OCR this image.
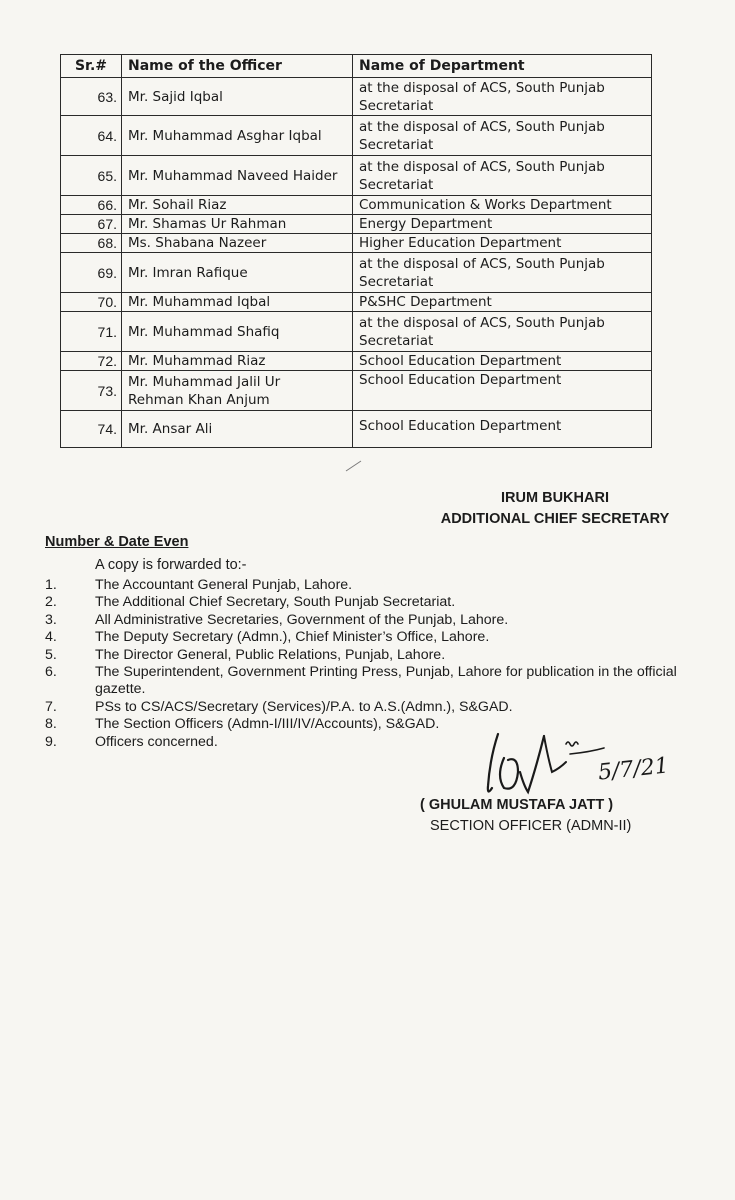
Sr.#	Name of the Officer	Name of Department
63.	Mr. Sajid Iqbal	at the disposal of ACS, South Punjab
Secretariat

64.	Mr. Muhammad Asghar Iqbal	at the disposal of ACS, South Punjab
Secretariat

65.	Mr. Muhammad Naveed Haider	at the disposal of ACS, South Punjab
Secretariat

66.	Mr. Sohail Riaz	Communication & Works Department
67.	Mr. Shamas Ur Rahman	Energy Department
68.	Ms. Shabana Nazeer	Higher Education Department
69.	Mr. Imran Rafique	at the disposal of ACS, South Punjab
Secretariat

70.	Mr. Muhammad Iqbal	P&SHC Department
71.	Mr. Muhammad Shafiq	at the disposal of ACS, South Punjab
Secretariat

72.	Mr. Muhammad Riaz	School Education Department
73.	Mr. Muhammad Jalil Ur
Rehman Khan Anjum	School Education Department
74.	Mr. Ansar Ali	School Education Department
IRUM BUKHARI
ADDITIONAL CHIEF SECRETARY
Number & Date Even
A copy is forwarded to:-
1.	The Accountant General Punjab, Lahore.
2.	The Additional Chief Secretary, South Punjab Secretariat.
3.	All Administrative Secretaries, Government of the Punjab, Lahore.
4.	The Deputy Secretary (Admn.), Chief Minister’s Office, Lahore.
5.	The Director General, Public Relations, Punjab, Lahore.
6.	The Superintendent, Government Printing Press, Punjab, Lahore for publication in the official gazette.
7.	PSs to CS/ACS/Secretary (Services)/P.A. to A.S.(Admn.), S&GAD.
8.	The Section Officers (Admn-I/III/IV/Accounts), S&GAD.
9.	Officers concerned.
5/7/21
( GHULAM MUSTAFA JATT )
SECTION OFFICER (ADMN-II)
